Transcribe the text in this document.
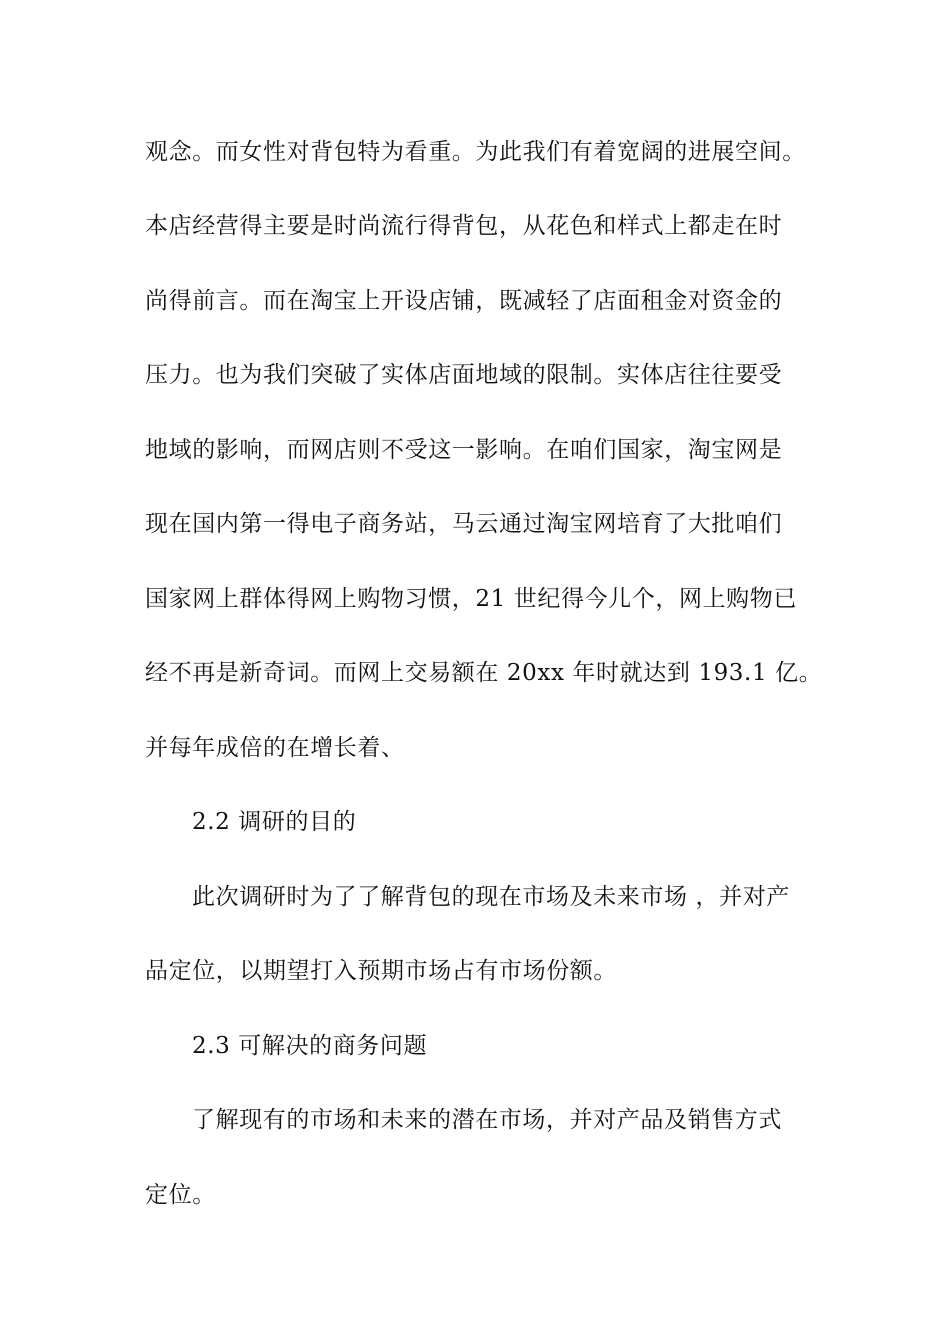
观念。而女性对背包特为看重。为此我们有着宽阔的进展空间。
本店经营得主要是时尚流行得背包，从花色和样式上都走在时
尚得前言。而在淘宝上开设店铺，既减轻了店面租金对资金的
压力。也为我们突破了实体店面地域的限制。实体店往往要受
地域的影响，而网店则不受这一影响。在咱们国家，淘宝网是
现在国内第一得电子商务站，马云通过淘宝网培育了大批咱们
国家网上群体得网上购物习惯，21 世纪得今儿个，网上购物已
经不再是新奇词。而网上交易额在 20xx 年时就达到 193.1 亿。
并每年成倍的在增长着、
2.2 调研的目的
此次调研时为了了解背包的现在市场及未来市场 ，并对产
品定位，以期望打入预期市场占有市场份额。
2.3 可解决的商务问题
了解现有的市场和未来的潜在市场，并对产品及销售方式
定位。
